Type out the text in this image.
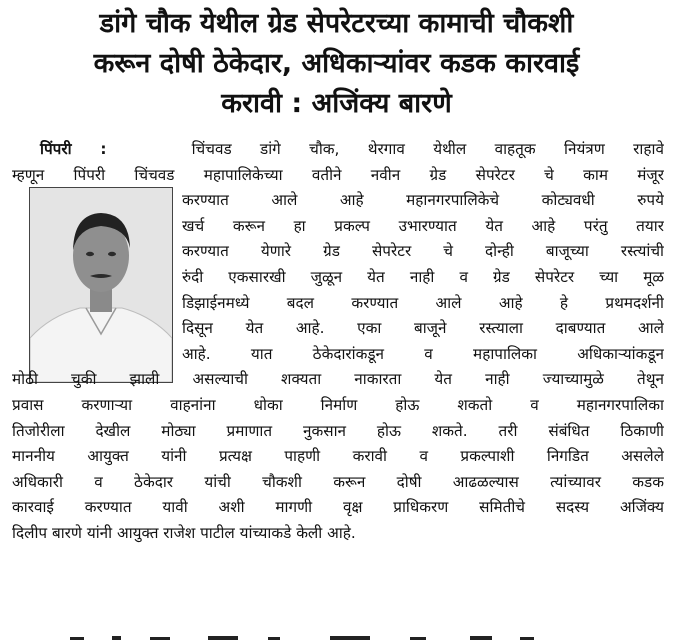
डांगे चौक येथील ग्रेड सेपरेटरच्या कामाची चौकशी
करून दोषी ठेकेदार, अधिकाऱ्यांवर कडक कारवाई
करावी : अजिंक्य बारणे
पिंपरी :	चिंचवड डांगे चौक, थेरगाव येथील वाहतूक नियंत्रण राहावे
म्हणून पिंपरी चिंचवड महापालिकेच्या वतीने नवीन ग्रेड सेपरेटर चे काम मंजूर
करण्यात आले आहे महानगरपालिकेचे कोट्यवधी रुपये
खर्च करून हा प्रकल्प उभारण्यात येत आहे परंतु तयार
करण्यात येणारे ग्रेड सेपरेटर चे दोन्ही बाजूच्या रस्त्यांची
रुंदी एकसारखी जुळून येत नाही व ग्रेड सेपरेटर च्या मूळ
डिझाईनमध्ये बदल करण्यात आले आहे हे प्रथमदर्शनी
दिसून येत आहे. एका बाजूने रस्त्याला दाबण्यात आले
आहे. यात ठेकेदारांकडून व महापालिका अधिकाऱ्यांकडून
मोठी चुकी झाली असल्याची शक्यता नाकारता येत नाही ज्याच्यामुळे तेथून
प्रवास करणाऱ्या वाहनांना धोका निर्माण होऊ शकतो व महानगरपालिका
तिजोरीला देखील मोठ्या प्रमाणात नुकसान होऊ शकते. तरी संबंधित ठिकाणी
माननीय आयुक्त यांनी प्रत्यक्ष पाहणी करावी व प्रकल्पाशी निगडित असलेले
अधिकारी व ठेकेदार यांची चौकशी करून दोषी आढळल्यास त्यांच्यावर कडक
कारवाई करण्यात यावी अशी मागणी वृक्ष प्राधिकरण समितीचे सदस्य अजिंक्य
दिलीप बारणे यांनी आयुक्त राजेश पाटील यांच्याकडे केली आहे.
